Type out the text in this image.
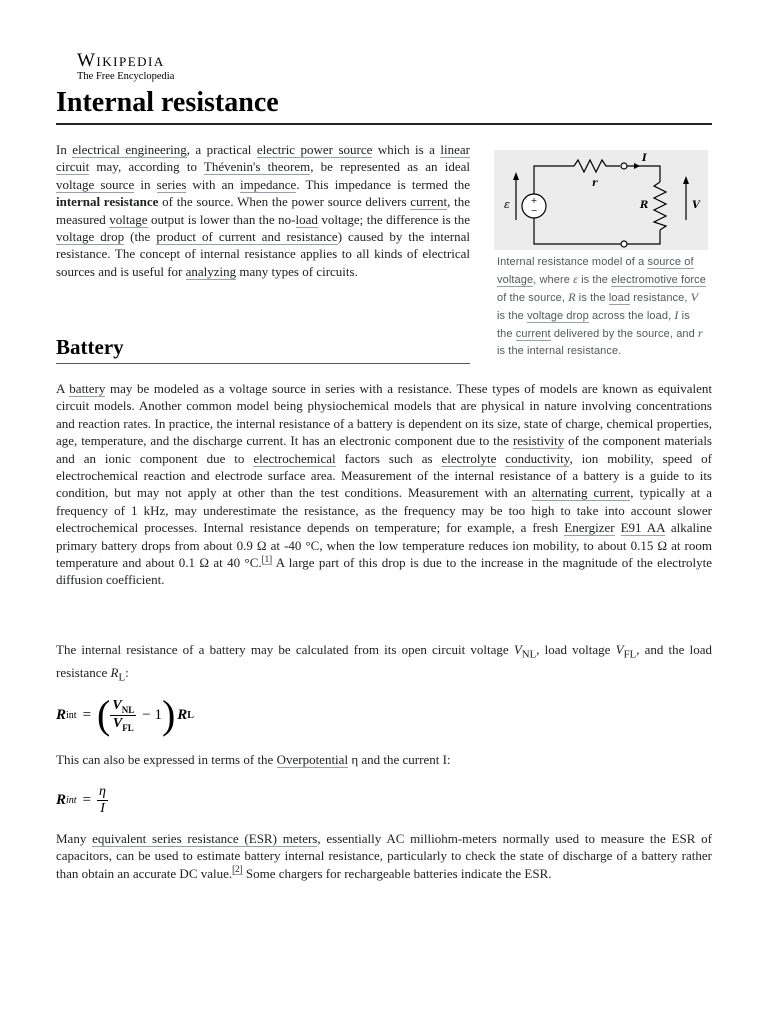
Wikipedia
The Free Encyclopedia
Internal resistance

In electrical engineering, a practical electric power source which is a linear circuit may, according to Thévenin's theorem, be represented as an ideal voltage source in series with an impedance. This impedance is termed the internal resistance of the source. When the power source delivers current, the measured voltage output is lower than the no-load voltage; the difference is the voltage drop (the product of current and resistance) caused by the internal resistance. The concept of internal resistance applies to all kinds of electrical sources and is useful for analyzing many types of circuits.

+
−
ε
r
R
I
V
Internal resistance model of a source of voltage, where ε is the electromotive force of the source, R is the load resistance, V is the voltage drop across the load, I is the current delivered by the source, and r is the internal resistance.
Battery

A battery may be modeled as a voltage source in series with a resistance. These types of models are known as equivalent circuit models. Another common model being physiochemical models that are physical in nature involving concentrations and reaction rates. In practice, the internal resistance of a battery is dependent on its size, state of charge, chemical properties, age, temperature, and the discharge current. It has an electronic component due to the resistivity of the component materials and an ionic component due to electrochemical factors such as electrolyte conductivity, ion mobility, speed of electrochemical reaction and electrode surface area. Measurement of the internal resistance of a battery is a guide to its condition, but may not apply at other than the test conditions. Measurement with an alternating current, typically at a frequency of 1 kHz, may underestimate the resistance, as the frequency may be too high to take into account slower electrochemical processes. Internal resistance depends on temperature; for example, a fresh Energizer E91 AA alkaline primary battery drops from about 0.9 Ω at -40 °C, when the low temperature reduces ion mobility, to about 0.15 Ω at room temperature and about 0.1 Ω at 40 °C.[1] A large part of this drop is due to the increase in the magnitude of the electrolyte diffusion coefficient.

The internal resistance of a battery may be calculated from its open circuit voltage $V_{NL}$, load voltage $V_{FL}$, and the load resistance $R_L$:

R int = ( $\frac{V_{NL}}{V_{FL}} - 1$ ) R L

This can also be expressed in terms of the Overpotential η and the current I:

R int = $\frac{\eta}{I}$

Many equivalent series resistance (ESR) meters, essentially AC milliohm-meters normally used to measure the ESR of capacitors, can be used to estimate battery internal resistance, particularly to check the state of discharge of a battery rather than obtain an accurate DC value.[2] Some chargers for rechargeable batteries indicate the ESR.
